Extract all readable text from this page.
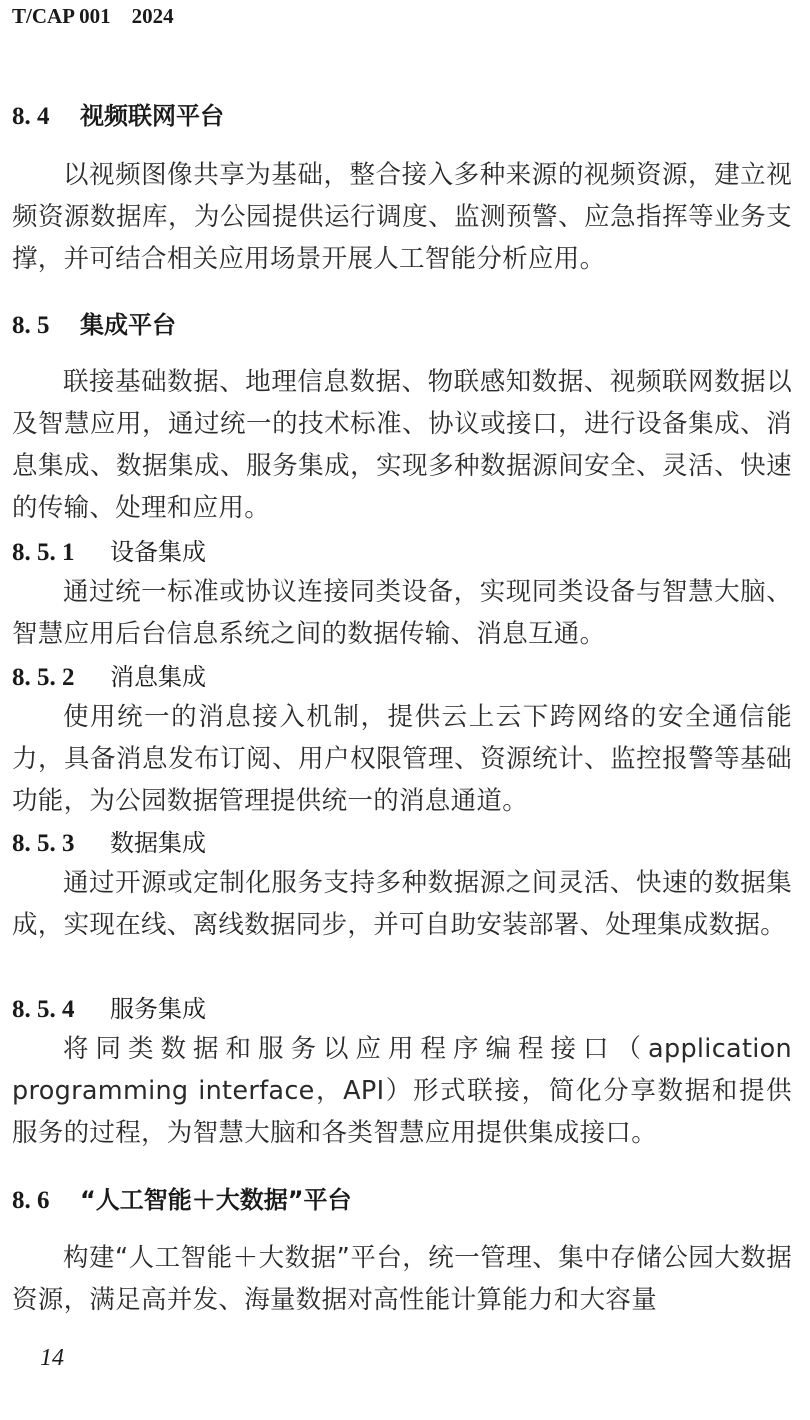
T/CAP 001 2024
8. 4 视频联网平台
以视频图像共享为基础，整合接入多种来源的视频资源，建立视频资源数据库，为公园提供运行调度、监测预警、应急指挥等业务支撑，并可结合相关应用场景开展人工智能分析应用。
8. 5 集成平台
联接基础数据、地理信息数据、物联感知数据、视频联网数据以及智慧应用，通过统一的技术标准、协议或接口，进行设备集成、消息集成、数据集成、服务集成，实现多种数据源间安全、灵活、快速的传输、处理和应用。
8. 5. 1 设备集成
通过统一标准或协议连接同类设备，实现同类设备与智慧大脑、智慧应用后台信息系统之间的数据传输、消息互通。
8. 5. 2 消息集成
使用统一的消息接入机制，提供云上云下跨网络的安全通信能力，具备消息发布订阅、用户权限管理、资源统计、监控报警等基础功能，为公园数据管理提供统一的消息通道。
8. 5. 3 数据集成
通过开源或定制化服务支持多种数据源之间灵活、快速的数据集成，实现在线、离线数据同步，并可自助安装部署、处理集成数据。
8. 5. 4 服务集成
将同类数据和服务以应用程序编程接口（application programming interface，API）形式联接，简化分享数据和提供服务的过程，为智慧大脑和各类智慧应用提供集成接口。
8. 6 “人工智能＋大数据”平台
构建“人工智能＋大数据”平台，统一管理、集中存储公园大数据资源，满足高并发、海量数据对高性能计算能力和大容量
14
